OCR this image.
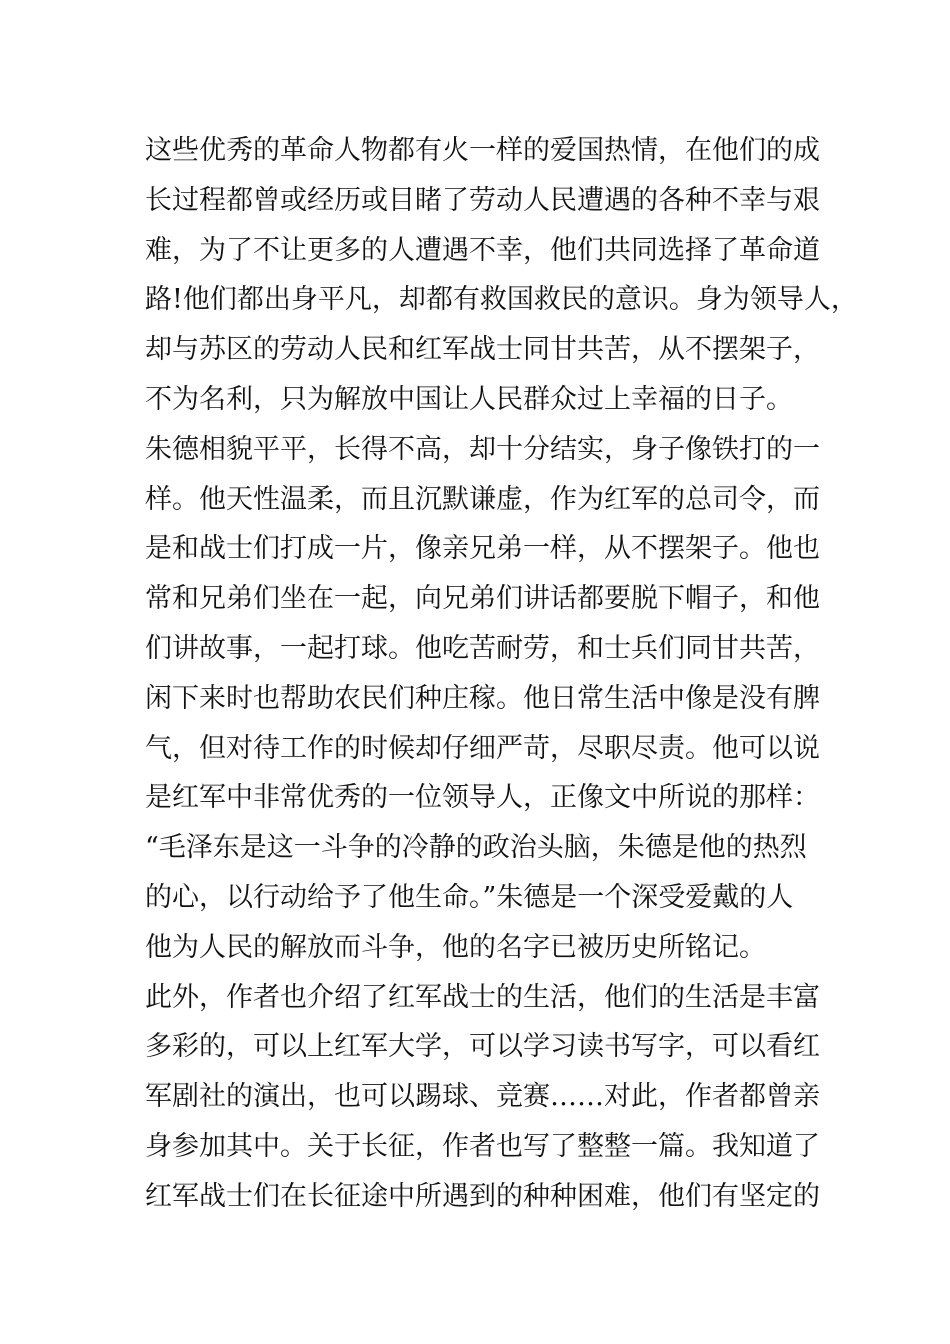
这些优秀的革命人物都有火一样的爱国热情，在他们的成
长过程都曾或经历或目睹了劳动人民遭遇的各种不幸与艰
难，为了不让更多的人遭遇不幸，他们共同选择了革命道
路!他们都出身平凡，却都有救国救民的意识。身为领导人，
却与苏区的劳动人民和红军战士同甘共苦，从不摆架子，
不为名利，只为解放中国让人民群众过上幸福的日子。
朱德相貌平平，长得不高，却十分结实，身子像铁打的一
样。他天性温柔，而且沉默谦虚，作为红军的总司令，而
是和战士们打成一片，像亲兄弟一样，从不摆架子。他也
常和兄弟们坐在一起，向兄弟们讲话都要脱下帽子，和他
们讲故事，一起打球。他吃苦耐劳，和士兵们同甘共苦，
闲下来时也帮助农民们种庄稼。他日常生活中像是没有脾
气，但对待工作的时候却仔细严苛，尽职尽责。他可以说
是红军中非常优秀的一位领导人，正像文中所说的那样：
“毛泽东是这一斗争的冷静的政治头脑，朱德是他的热烈
的心，以行动给予了他生命。”朱德是一个深受爱戴的人
他为人民的解放而斗争，他的名字已被历史所铭记。
此外，作者也介绍了红军战士的生活，他们的生活是丰富
多彩的，可以上红军大学，可以学习读书写字，可以看红
军剧社的演出，也可以踢球、竞赛……对此，作者都曾亲
身参加其中。关于长征，作者也写了整整一篇。我知道了
红军战士们在长征途中所遇到的种种困难，他们有坚定的
